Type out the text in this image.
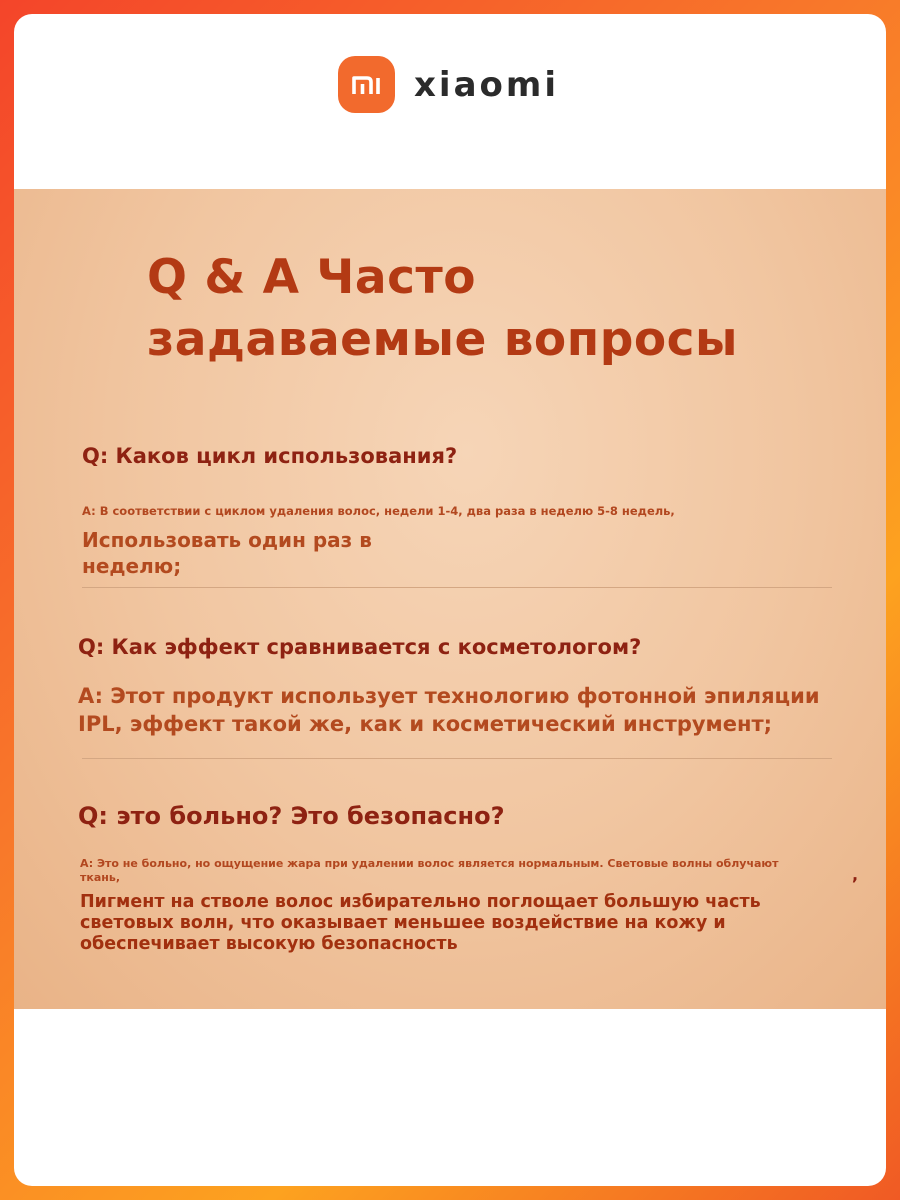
xiaomi
Q & A Часто
задаваемые вопросы

Q: Каков цикл использования?

A: В соответствии с циклом удаления волос, недели 1-4, два раза в неделю 5-8 недель,

Использовать один раз в неделю;

Q: Как эффект сравнивается с косметологом?

A: Этот продукт использует технологию фотонной эпиляции IPL, эффект такой же, как и косметический инструмент;

Q: это больно? Это безопасно?

A: Это не больно, но ощущение жара при удалении волос является нормальным. Световые волны облучают ткань,	,

Пигмент на стволе волос избирательно поглощает большую часть световых волн, что оказывает меньшее воздействие на кожу и обеспечивает высокую безопасность
